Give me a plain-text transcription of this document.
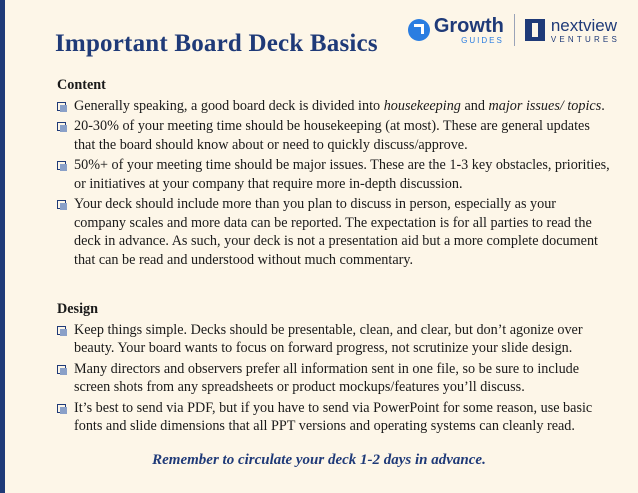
Important Board Deck Basics
Growth
GUIDES
nextview
VENTURES
Content
Generally speaking, a good board deck is divided into housekeeping and major issues/ topics.
20-30% of your meeting time should be housekeeping (at most). These are general updates that the board should know about or need to quickly discuss/approve.
50%+ of your meeting time should be major issues. These are the 1-3 key obstacles, priorities, or initiatives at your company that require more in-depth discussion.
Your deck should include more than you plan to discuss in person, especially as your company scales and more data can be reported. The expectation is for all parties to read the deck in advance. As such, your deck is not a presentation aid but a more complete document that can be read and understood without much commentary.
Design
Keep things simple. Decks should be presentable, clean, and clear, but don’t agonize over beauty. Your board wants to focus on forward progress, not scrutinize your slide design.
Many directors and observers prefer all information sent in one file, so be sure to include screen shots from any spreadsheets or product mockups/features you’ll discuss.
It’s best to send via PDF, but if you have to send via PowerPoint for some reason, use basic fonts and slide dimensions that all PPT versions and operating systems can cleanly read.
Remember to circulate your deck 1-2 days in advance.
